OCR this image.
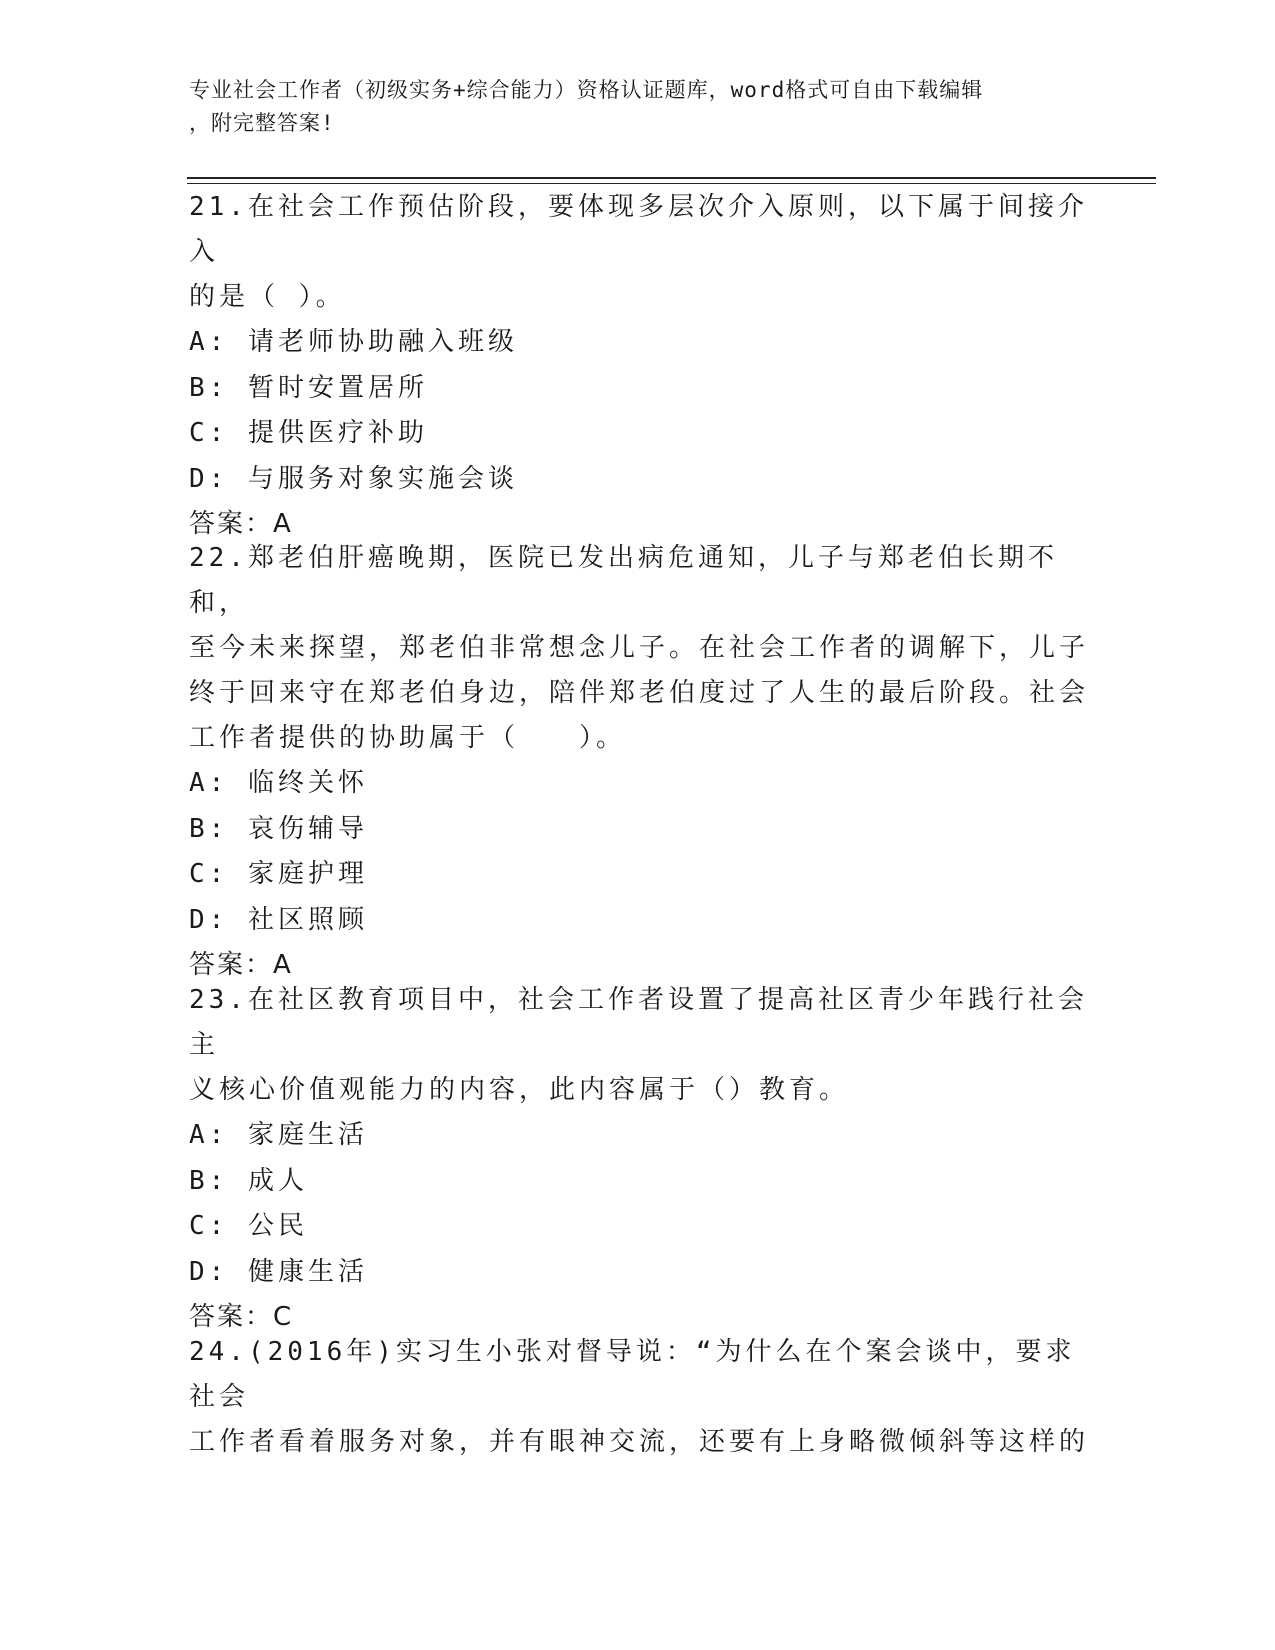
专业社会工作者（初级实务+综合能力）资格认证题库，word格式可自由下载编辑
，附完整答案!
21.在社会工作预估阶段，要体现多层次介入原则，以下属于间接介入
的是（ ）。
A: 请老师协助融入班级
B: 暂时安置居所
C: 提供医疗补助
D: 与服务对象实施会谈
答案：A
22.郑老伯肝癌晚期，医院已发出病危通知，儿子与郑老伯长期不和，
至今未来探望，郑老伯非常想念儿子。在社会工作者的调解下，儿子
终于回来守在郑老伯身边，陪伴郑老伯度过了人生的最后阶段。社会
工作者提供的协助属于（　　）。
A: 临终关怀
B: 哀伤辅导
C: 家庭护理
D: 社区照顾
答案：A
23.在社区教育项目中，社会工作者设置了提高社区青少年践行社会主
义核心价值观能力的内容，此内容属于（）教育。
A: 家庭生活
B: 成人
C: 公民
D: 健康生活
答案：C
24.(2016年)实习生小张对督导说：“为什么在个案会谈中，要求社会
工作者看着服务对象，并有眼神交流，还要有上身略微倾斜等这样的
